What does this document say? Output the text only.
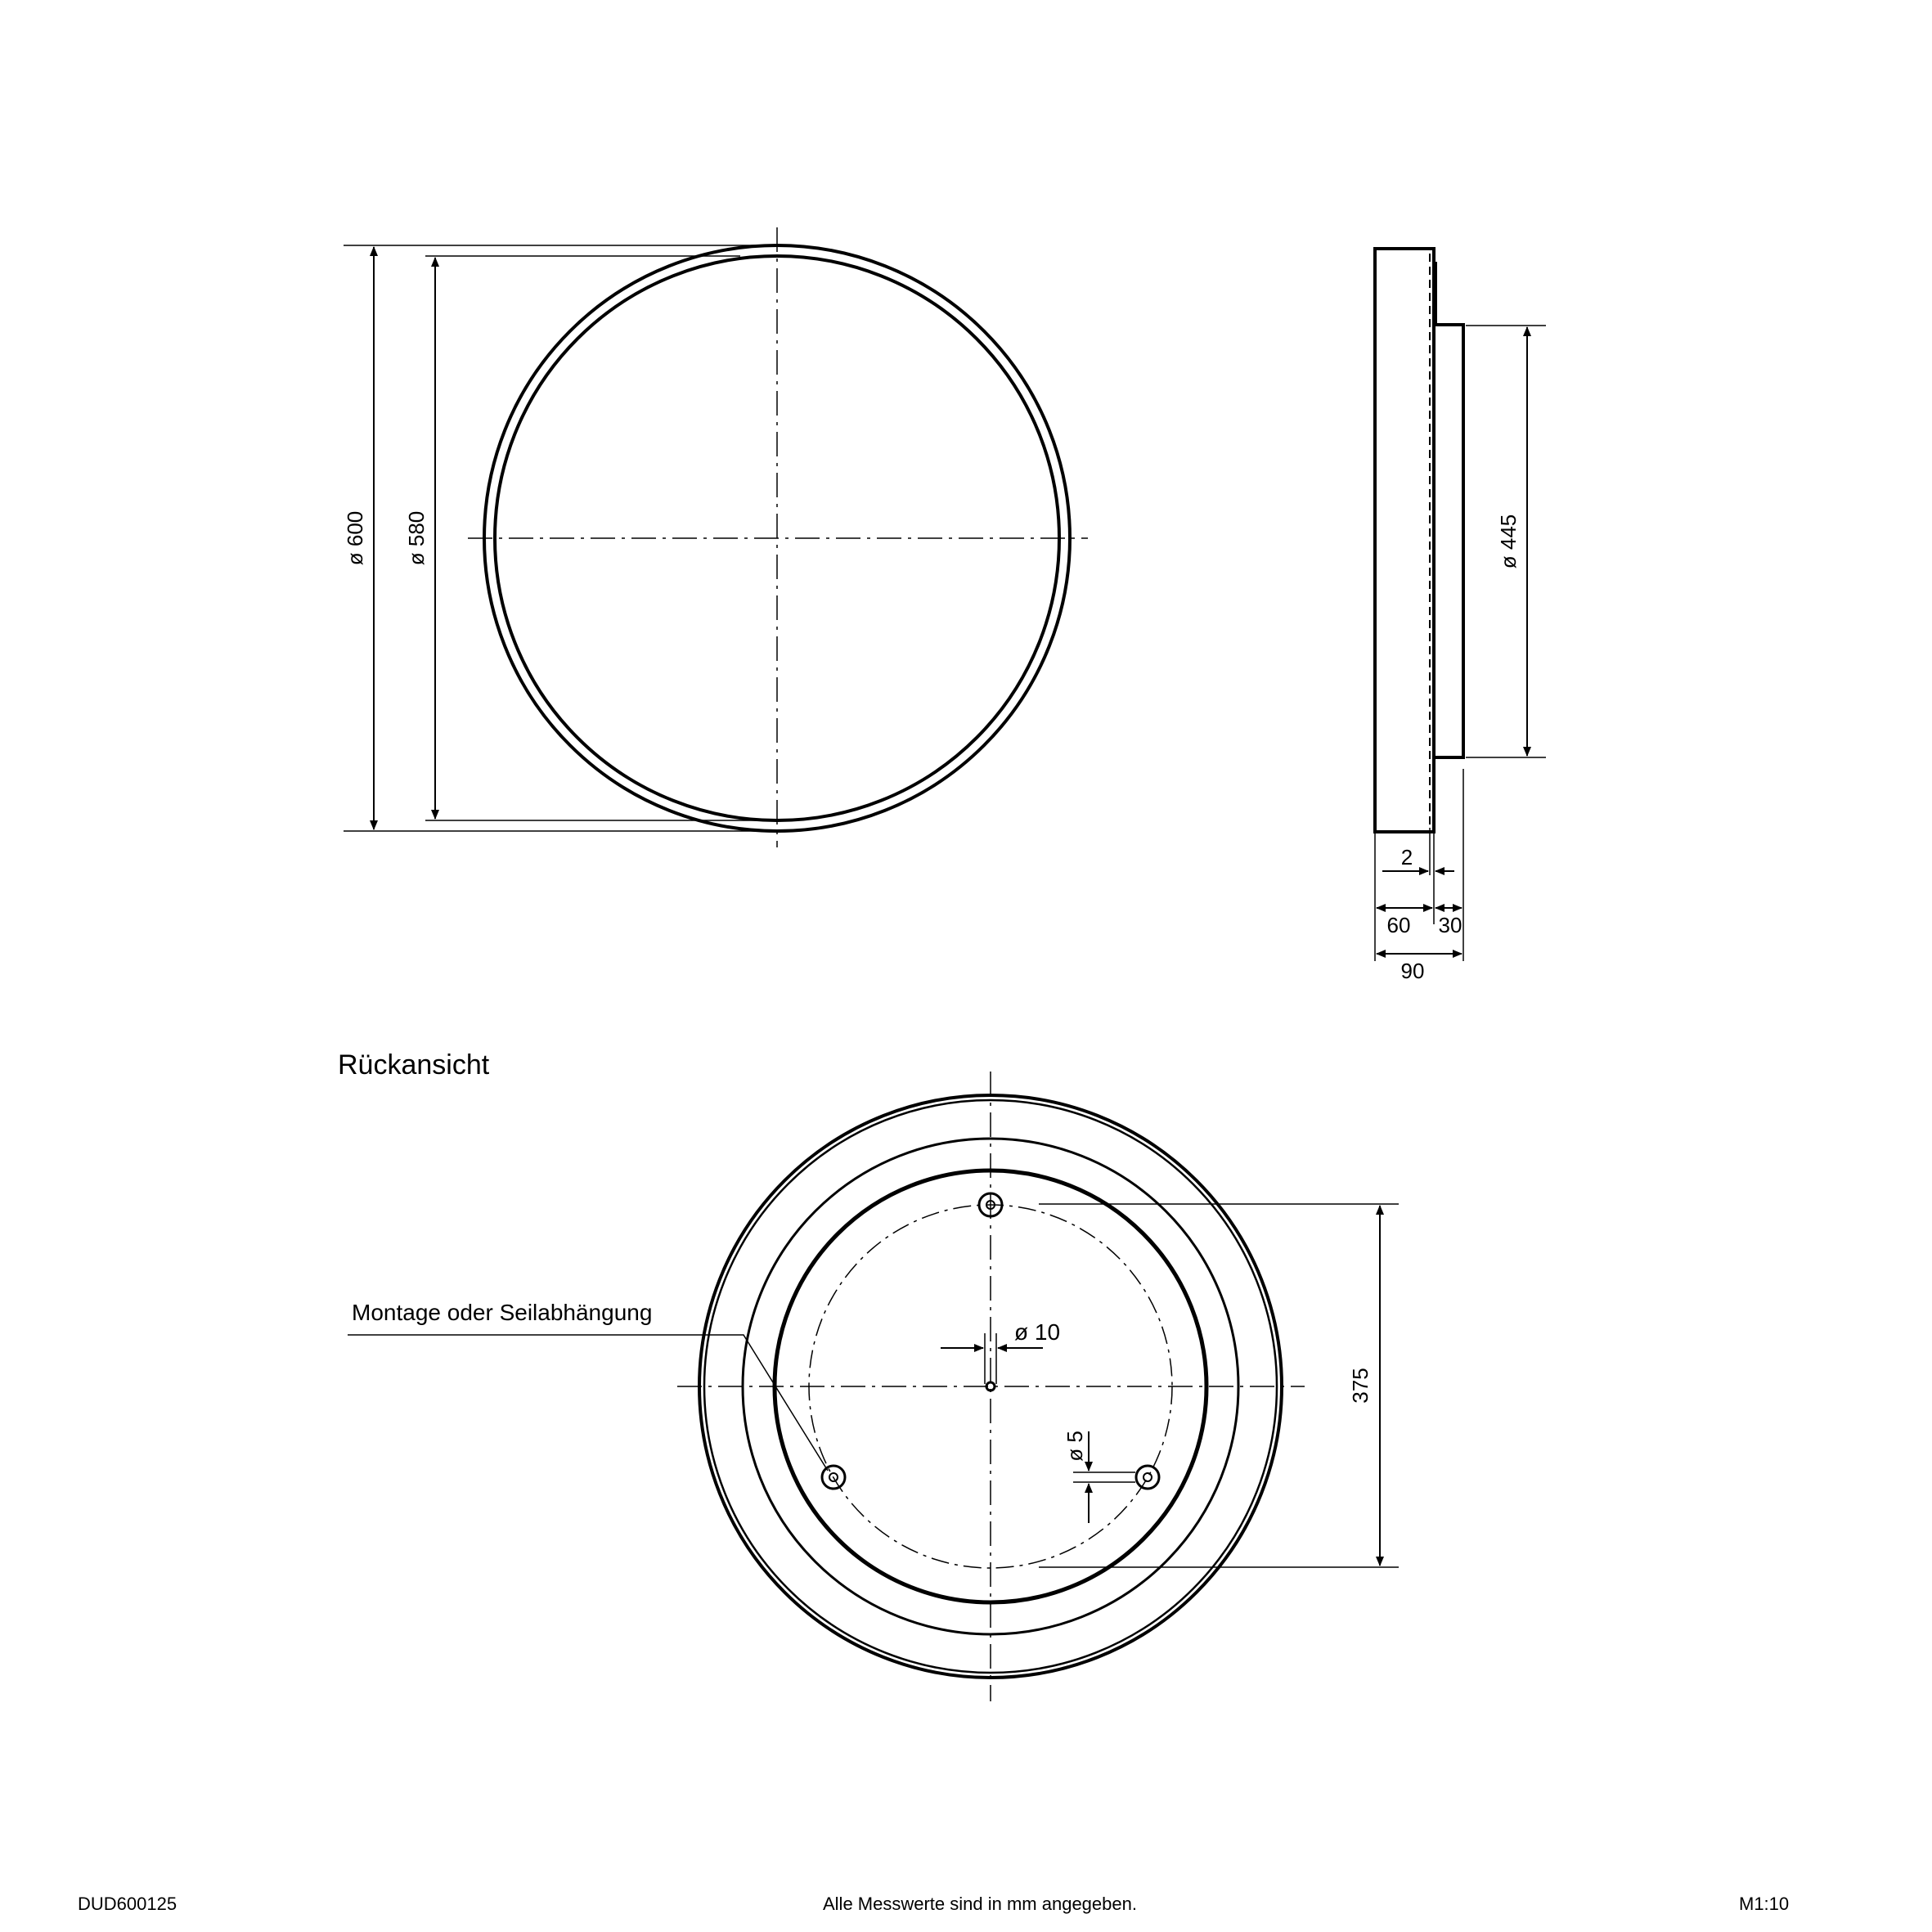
ø 600 ø 580	ø 445
2
60 30
90
Rückansicht
ø 10
ø 5
375
Montage oder Seilabhängung
DUD600125	Alle Messwerte sind in mm angegeben.	M1:10
